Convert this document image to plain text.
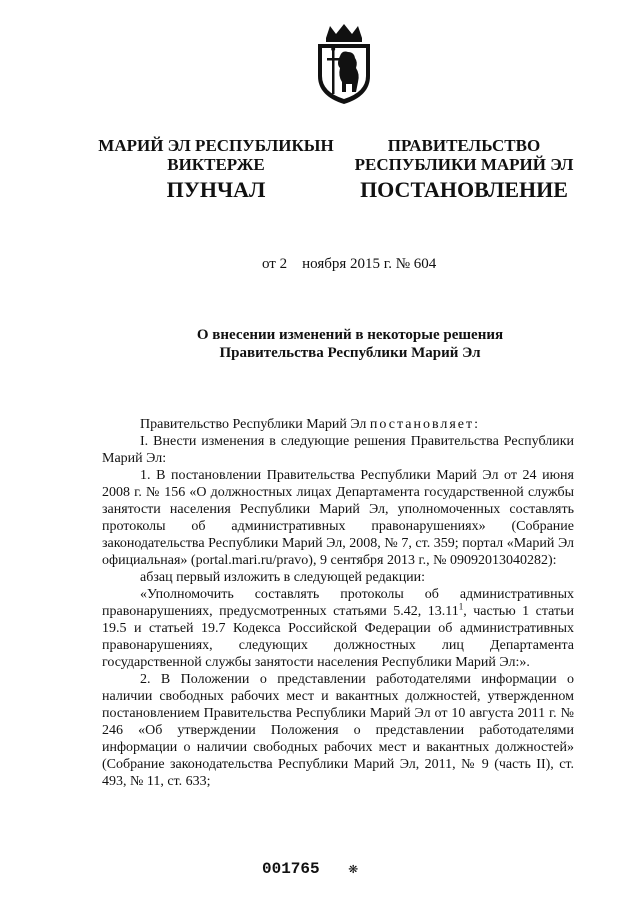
МАРИЙ ЭЛ РЕСПУБЛИКЫН
ВИКТЕРЖЕ
ПУНЧАЛ
ПРАВИТЕЛЬСТВО
РЕСПУБЛИКИ МАРИЙ ЭЛ
ПОСТАНОВЛЕНИЕ
от 2    ноября 2015 г. № 604
О внесении изменений в некоторые решения
Правительства Республики Марий Эл

Правительство Республики Марий Эл постановляет:

I. Внести изменения в следующие решения Правительства Республики Марий Эл:

1. В постановлении Правительства Республики Марий Эл от 24 июня 2008 г. № 156 «О должностных лицах Департамента государственной службы занятости населения Республики Марий Эл, уполномоченных составлять протоколы об административных правонарушениях» (Собрание законодательства Республики Марий Эл, 2008, № 7, ст. 359; портал «Марий Эл официальная» (portal.mari.ru/pravo), 9 сентября 2013 г., № 09092013040282):

абзац первый изложить в следующей редакции:

«Уполномочить составлять протоколы об административных правонарушениях, предусмотренных статьями 5.42, 13.11$^1$, частью 1 статьи 19.5 и статьей 19.7 Кодекса Российской Федерации об административных правонарушениях, следующих должностных лиц Департамента государственной службы занятости населения Республики Марий Эл:».

2. В Положении о представлении работодателями информации о наличии свободных рабочих мест и вакантных должностей, утвержденном постановлением Правительства Республики Марий Эл от 10 августа 2011 г. № 246 «Об утверждении Положения о представлении работодателями информации о наличии свободных рабочих мест и вакантных должностей» (Собрание законодательства Республики Марий Эл, 2011, № 9 (часть II), ст. 493, № 11, ст. 633;

001765 ❋
